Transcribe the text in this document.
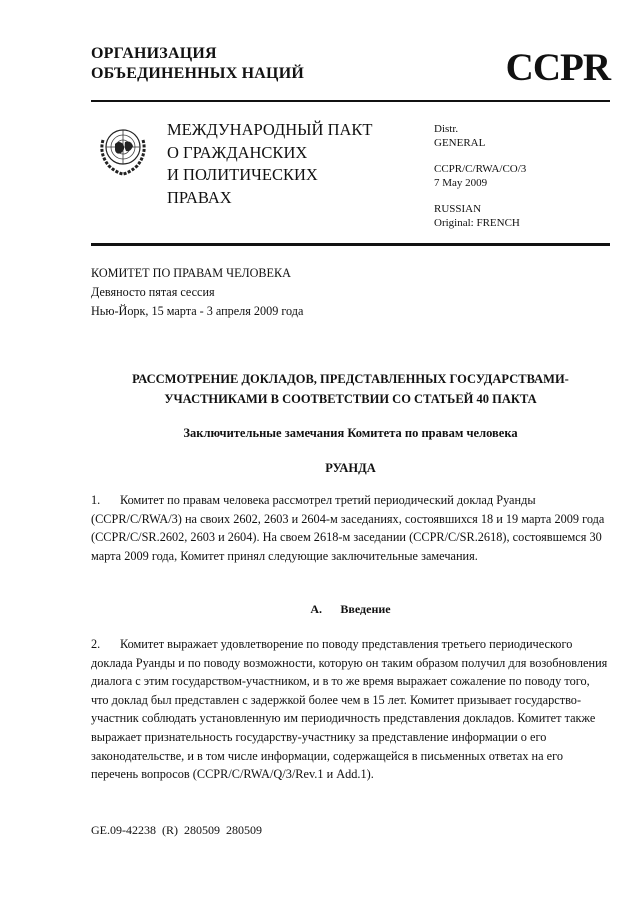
ОРГАНИЗАЦИЯ
ОБЪЕДИНЕННЫХ НАЦИЙ	CCPR
МЕЖДУНАРОДНЫЙ ПАКТ
О ГРАЖДАНСКИХ
И ПОЛИТИЧЕСКИХ
ПРАВАХ
Distr.
GENERAL
CCPR/C/RWA/CO/3
7 May 2009
RUSSIAN
Original: FRENCH
КОМИТЕТ ПО ПРАВАМ ЧЕЛОВЕКА
Девяносто пятая сессия
Нью-Йорк, 15 марта - 3 апреля 2009 года
РАССМОТРЕНИЕ ДОКЛАДОВ, ПРЕДСТАВЛЕННЫХ ГОСУДАРСТВАМИ-
УЧАСТНИКАМИ В СООТВЕТСТВИИ СО СТАТЬЕЙ 40 ПАКТА
Заключительные замечания Комитета по правам человека
РУАНДА
1. Комитет по правам человека рассмотрел третий периодический доклад Руанды (CCPR/C/RWA/3) на своих 2602, 2603 и 2604-м заседаниях, состоявшихся 18 и 19 марта 2009 года (CCPR/C/SR.2602, 2603 и 2604). На своем 2618-м заседании (CCPR/C/SR.2618), состоявшемся 30 марта 2009 года, Комитет принял следующие заключительные замечания.
A. Введение
2. Комитет выражает удовлетворение по поводу представления третьего периодического доклада Руанды и по поводу возможности, которую он таким образом получил для возобновления диалога с этим государством-участником, и в то же время выражает сожаление по поводу того, что доклад был представлен с задержкой более чем в 15 лет. Комитет призывает государство-участник соблюдать установленную им периодичность представления докладов. Комитет также выражает признательность государству-участнику за представление информации о его законодательстве, и в том числе информации, содержащейся в письменных ответах на его перечень вопросов (CCPR/C/RWA/Q/3/Rev.1 и Add.1).
GE.09-42238 (R) 280509 280509
